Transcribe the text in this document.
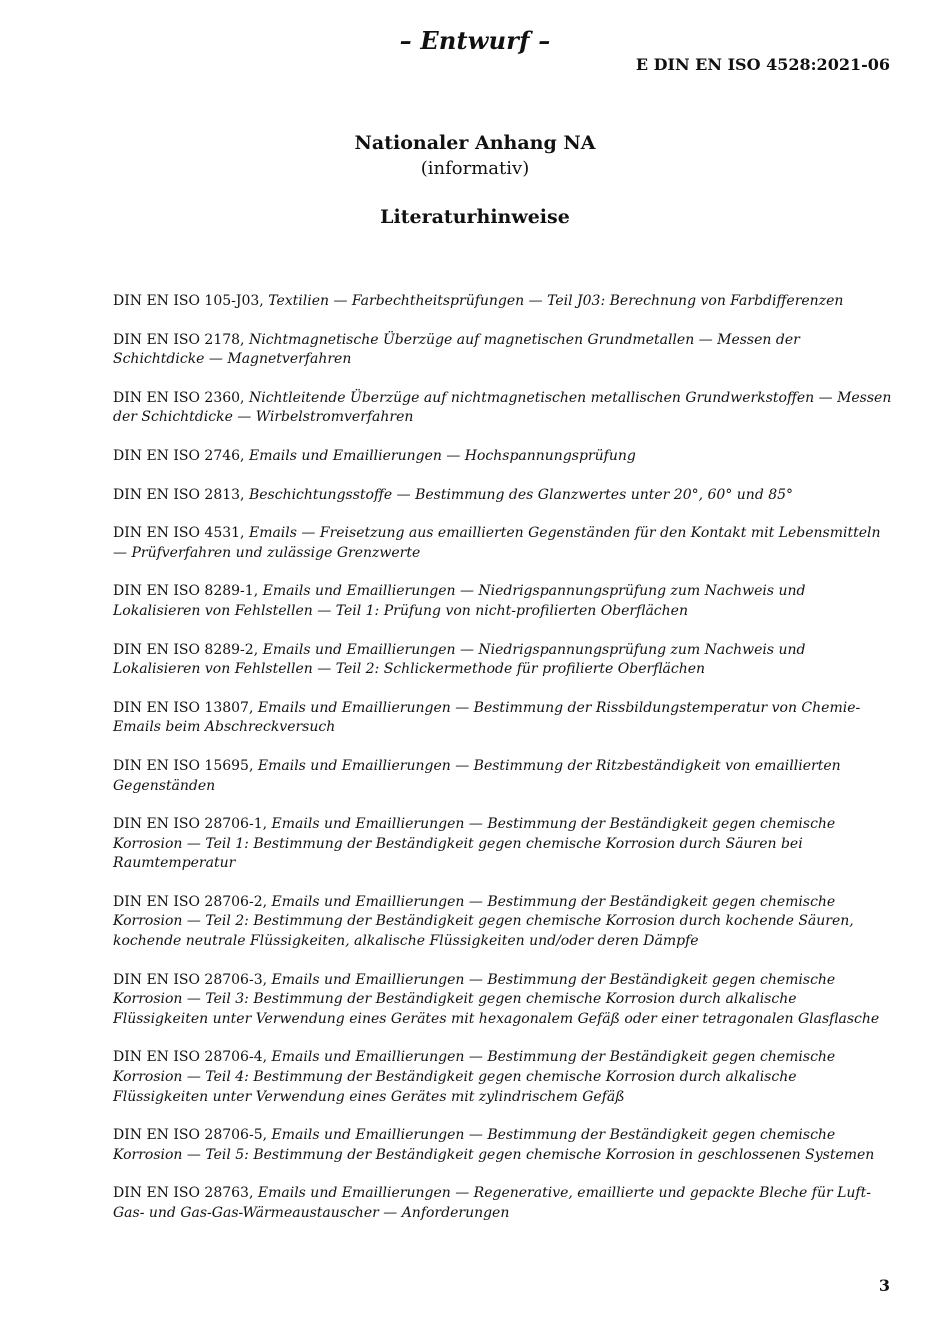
– Entwurf –
E DIN EN ISO 4528:2021-06
Nationaler Anhang NA
(informativ)
Literaturhinweise
DIN EN ISO 105-J03, Textilien — Farbechtheitsprüfungen — Teil J03: Berechnung von Farbdifferenzen
DIN EN ISO 2178, Nichtmagnetische Überzüge auf magnetischen Grundmetallen — Messen der Schichtdicke — Magnetverfahren
DIN EN ISO 2360, Nichtleitende Überzüge auf nichtmagnetischen metallischen Grundwerkstoffen — Messen der Schichtdicke — Wirbelstromverfahren
DIN EN ISO 2746, Emails und Emaillierungen — Hochspannungsprüfung
DIN EN ISO 2813, Beschichtungsstoffe — Bestimmung des Glanzwertes unter 20°, 60° und 85°
DIN EN ISO 4531, Emails — Freisetzung aus emaillierten Gegenständen für den Kontakt mit Lebensmitteln — Prüfverfahren und zulässige Grenzwerte
DIN EN ISO 8289-1, Emails und Emaillierungen — Niedrigspannungsprüfung zum Nachweis und Lokalisieren von Fehlstellen — Teil 1: Prüfung von nicht-profilierten Oberflächen
DIN EN ISO 8289-2, Emails und Emaillierungen — Niedrigspannungsprüfung zum Nachweis und Lokalisieren von Fehlstellen — Teil 2: Schlickermethode für profilierte Oberflächen
DIN EN ISO 13807, Emails und Emaillierungen — Bestimmung der Rissbildungstemperatur von Chemie-Emails beim Abschreckversuch
DIN EN ISO 15695, Emails und Emaillierungen — Bestimmung der Ritzbeständigkeit von emaillierten Gegenständen
DIN EN ISO 28706-1, Emails und Emaillierungen — Bestimmung der Beständigkeit gegen chemische Korrosion — Teil 1: Bestimmung der Beständigkeit gegen chemische Korrosion durch Säuren bei Raumtemperatur
DIN EN ISO 28706-2, Emails und Emaillierungen — Bestimmung der Beständigkeit gegen chemische Korrosion — Teil 2: Bestimmung der Beständigkeit gegen chemische Korrosion durch kochende Säuren, kochende neutrale Flüssigkeiten, alkalische Flüssigkeiten und/oder deren Dämpfe
DIN EN ISO 28706-3, Emails und Emaillierungen — Bestimmung der Beständigkeit gegen chemische Korrosion — Teil 3: Bestimmung der Beständigkeit gegen chemische Korrosion durch alkalische Flüssigkeiten unter Verwendung eines Gerätes mit hexagonalem Gefäß oder einer tetragonalen Glasflasche
DIN EN ISO 28706-4, Emails und Emaillierungen — Bestimmung der Beständigkeit gegen chemische Korrosion — Teil 4: Bestimmung der Beständigkeit gegen chemische Korrosion durch alkalische Flüssigkeiten unter Verwendung eines Gerätes mit zylindrischem Gefäß
DIN EN ISO 28706-5, Emails und Emaillierungen — Bestimmung der Beständigkeit gegen chemische Korrosion — Teil 5: Bestimmung der Beständigkeit gegen chemische Korrosion in geschlossenen Systemen
DIN EN ISO 28763, Emails und Emaillierungen — Regenerative, emaillierte und gepackte Bleche für Luft-Gas- und Gas-Gas-Wärmeaustauscher — Anforderungen
3
